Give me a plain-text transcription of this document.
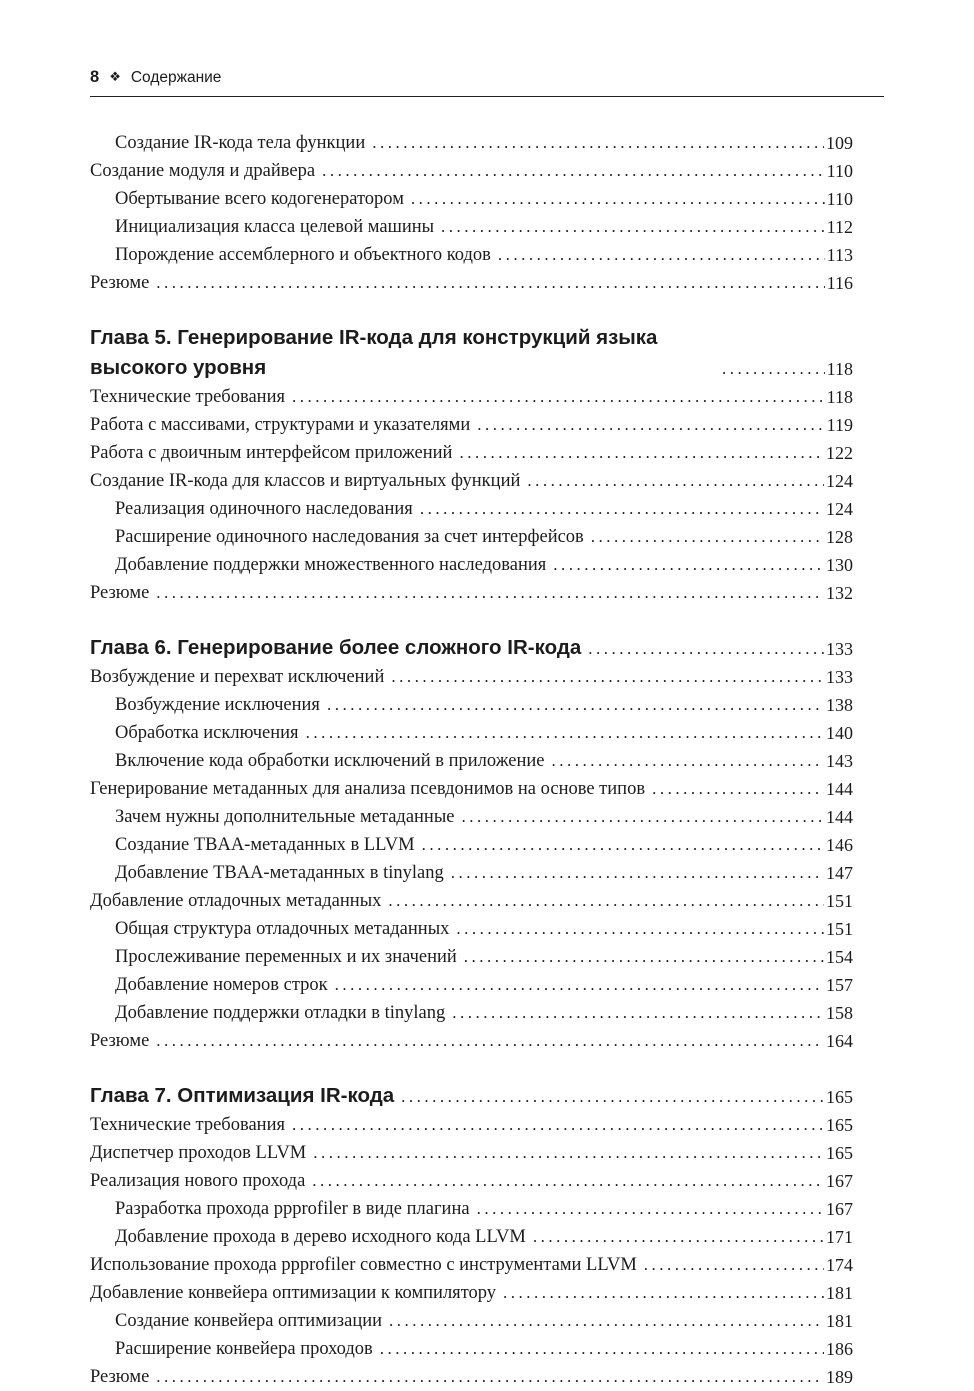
8 ❖ Содержание
Создание IR-кода тела функции .....	109
Создание модуля и драйвера .....	110
Обертывание всего кодогенератором .....	110
Инициализация класса целевой машины .....	112
Порождение ассемблерного и объектного кодов .....	113
Резюме .....	116
Глава 5. Генерирование IR-кода для конструкций языка высокого уровня .....	118
Технические требования .....	118
Работа с массивами, структурами и указателями .....	119
Работа с двоичным интерфейсом приложений .....	122
Создание IR-кода для классов и виртуальных функций .....	124
Реализация одиночного наследования .....	124
Расширение одиночного наследования за счет интерфейсов .....	128
Добавление поддержки множественного наследования .....	130
Резюме .....	132
Глава 6. Генерирование более сложного IR-кода .....	133
Возбуждение и перехват исключений .....	133
Возбуждение исключения .....	138
Обработка исключения .....	140
Включение кода обработки исключений в приложение .....	143
Генерирование метаданных для анализа псевдонимов на основе типов .....	144
Зачем нужны дополнительные метаданные .....	144
Создание TBAA-метаданных в LLVM .....	146
Добавление TBAA-метаданных в tinylang .....	147
Добавление отладочных метаданных .....	151
Общая структура отладочных метаданных .....	151
Прослеживание переменных и их значений .....	154
Добавление номеров строк .....	157
Добавление поддержки отладки в tinylang .....	158
Резюме .....	164
Глава 7. Оптимизация IR-кода .....	165
Технические требования .....	165
Диспетчер проходов LLVM .....	165
Реализация нового прохода .....	167
Разработка прохода ppprofiler в виде плагина .....	167
Добавление прохода в дерево исходного кода LLVM .....	171
Использование прохода ppprofiler совместно с инструментами LLVM .....	174
Добавление конвейера оптимизации к компилятору .....	181
Создание конвейера оптимизации .....	181
Расширение конвейера проходов .....	186
Резюме .....	189
